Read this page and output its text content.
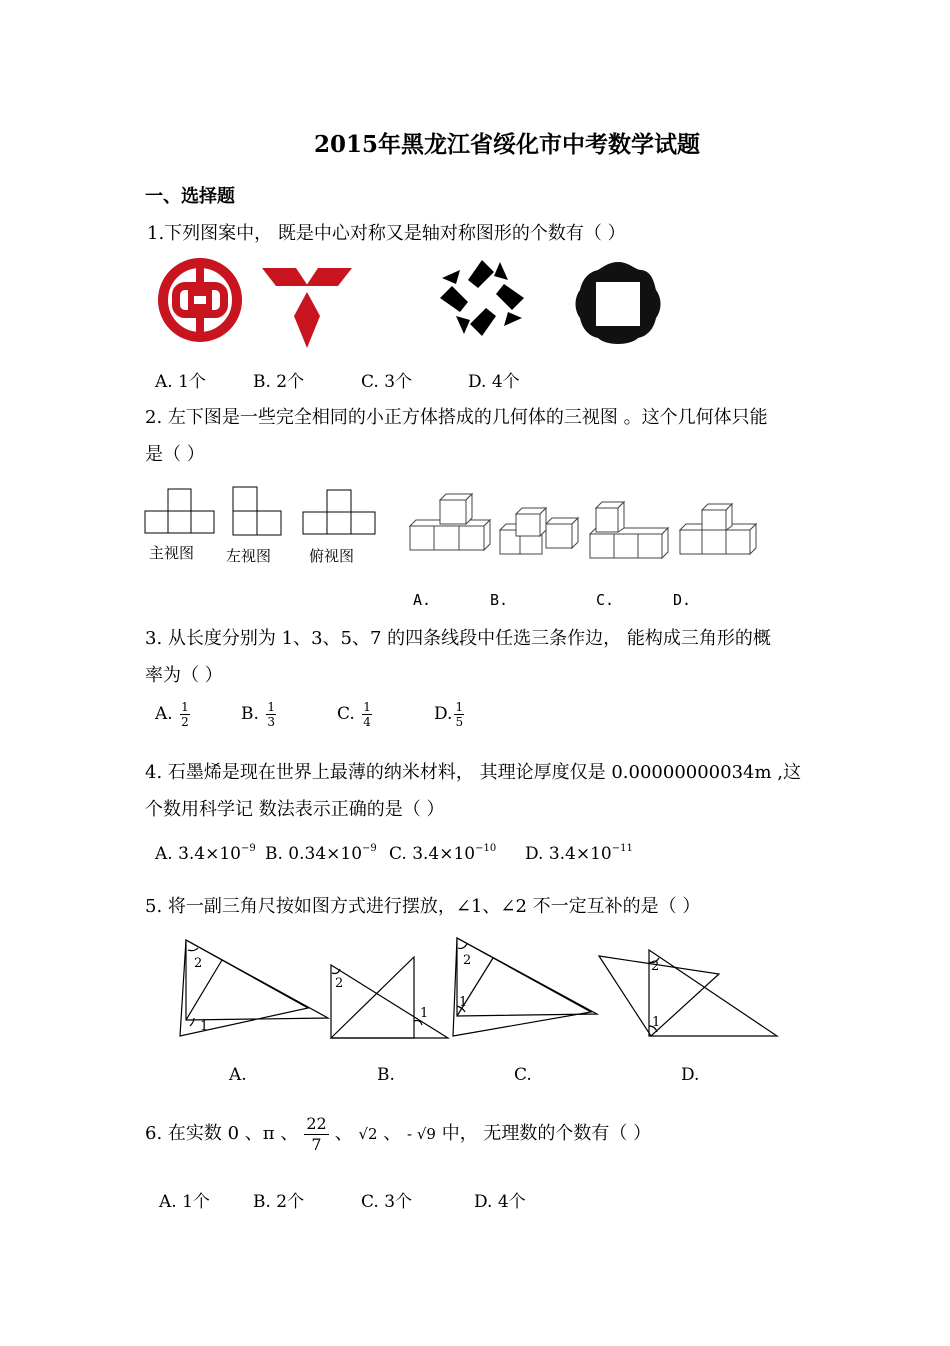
2015年黑龙江省绥化市中考数学试题
一、选择题
1.下列图案中， 既是中心对称又是轴对称图形的个数有（ ）
A. 1个	B. 2个	C. 3个	D. 4个
2. 左下图是一些完全相同的小正方体搭成的几何体的三视图 。这个几何体只能
是（ ）
主视图 左视图	俯视图
A.	B.	C.	D.
3. 从长度分别为 1、3、5、7 的四条线段中任选三条作边， 能构成三角形的概
率为（ ）
A. $\frac{1}{2}$	B. $\frac{1}{3}$	C. $\frac{1}{4}$	D. $\frac{1}{5}$
4. 石墨烯是现在世界上最薄的纳米材料， 其理论厚度仅是 0.00000000034m ,这
个数用科学记 数法表示正确的是（ ）
A. $3.4\times 10^{-9}$ B. $0.34\times 10^{-9}$ C. $3.4\times 10^{-10}$ D. $3.4\times 10^{-11}$
5. 将一副三角尺按如图方式进行摆放，∠1、∠2 不一定互补的是（ ）
2
1
2
1
2
1
2
1
A.	B.	C.	D.
6. 在实数 0 、π 、 $\frac{22}{7}$ 、 √2 、 - √9 中， 无理数的个数有（ ）
A. 1个	B. 2个	C. 3个	D. 4个
